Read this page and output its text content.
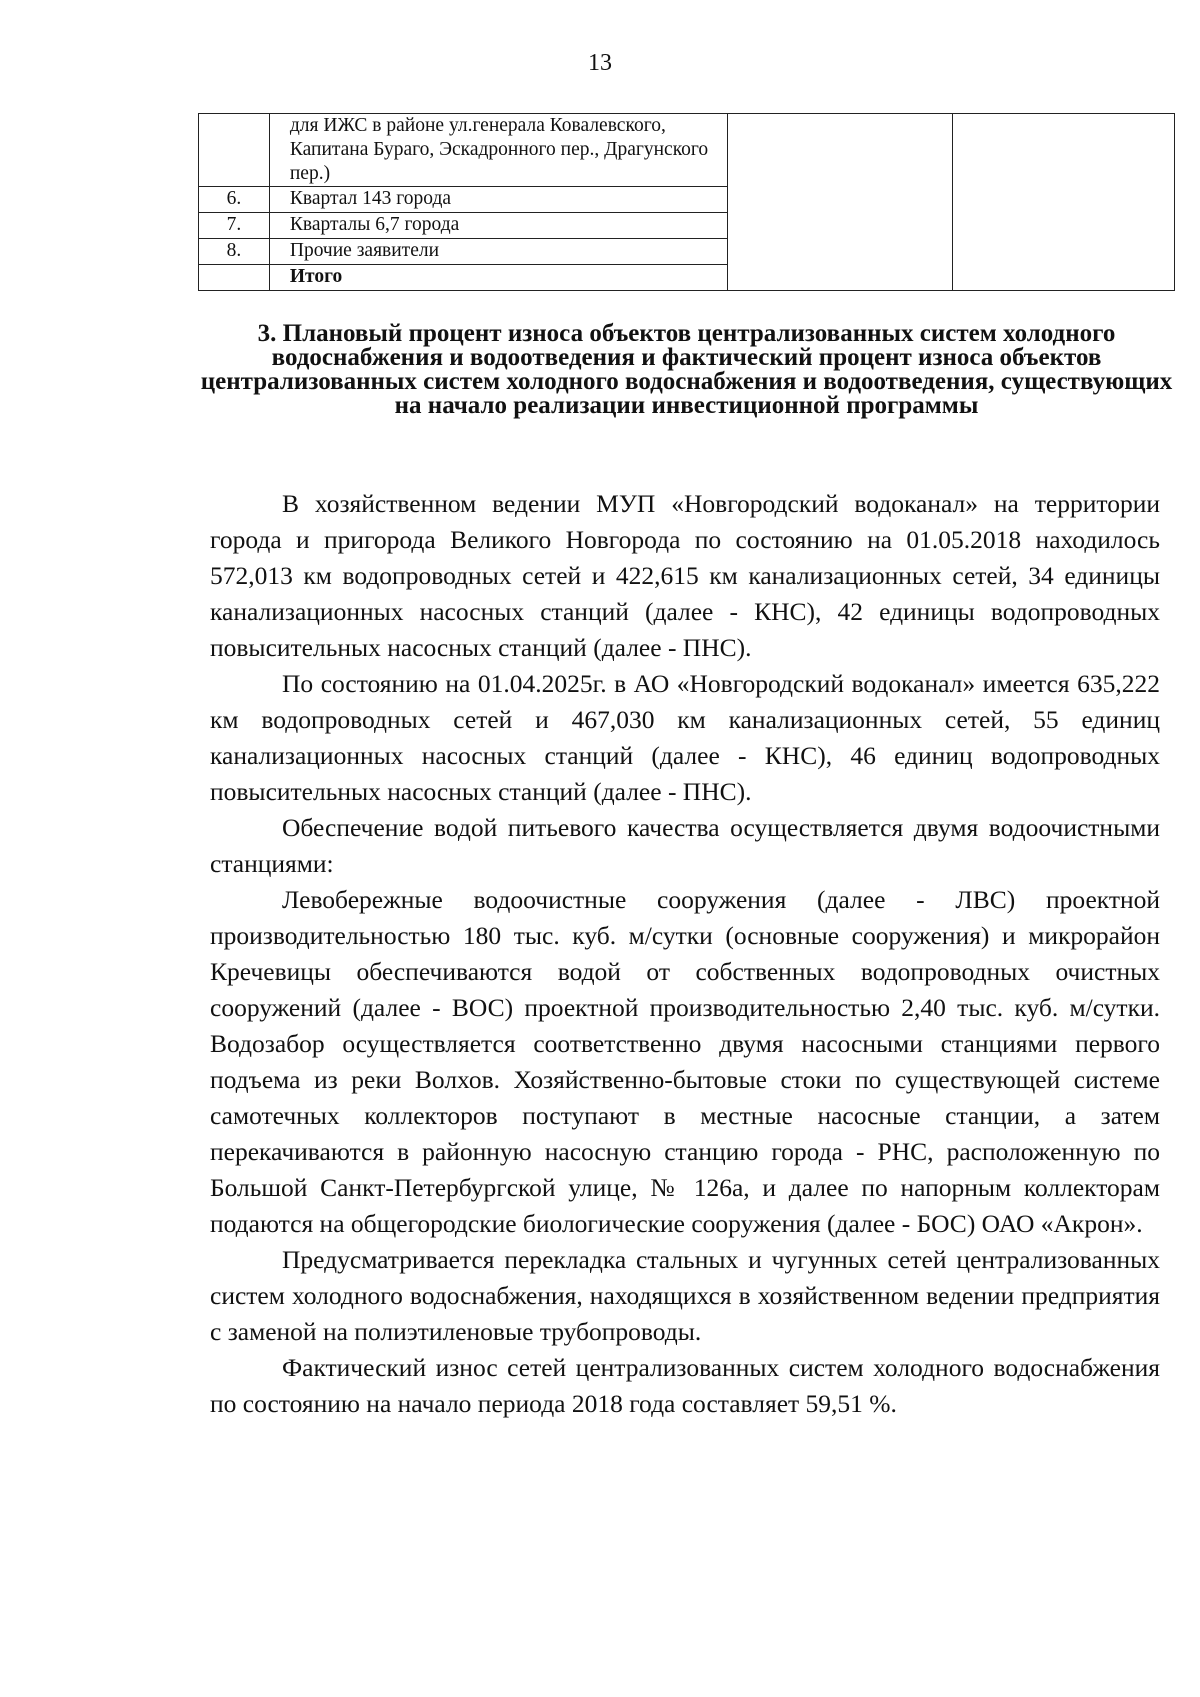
13
	для ИЖС в районе ул.генерала Ковалевского, Капитана Бураго, Эскадронного пер., Драгунского пер.)		
6.	Квартал 143 города		
7.	Кварталы 6,7 города		
8.	Прочие заявители		
	Итого		
3. Плановый процент износа объектов централизованных систем холодного водоснабжения и водоотведения и фактический процент износа объектов централизованных систем холодного водоснабжения и водоотведения, существующих на начало реализации инвестиционной программы

В хозяйственном ведении МУП «Новгородский водоканал» на территории города и пригорода Великого Новгорода по состоянию на 01.05.2018 находилось 572,013 км водопроводных сетей и 422,615 км канализационных сетей, 34 единицы канализационных насосных станций (далее - КНС), 42 единицы водопроводных повысительных насосных станций (далее - ПНС).

По состоянию на 01.04.2025г. в АО «Новгородский водоканал» имеется 635,222 км водопроводных сетей и 467,030 км канализационных сетей, 55 единиц канализационных насосных станций (далее - КНС), 46 единиц водопроводных повысительных насосных станций (далее - ПНС).

Обеспечение водой питьевого качества осуществляется двумя водоочистными станциями:

Левобережные водоочистные сооружения (далее - ЛВС) проектной производительностью 180 тыс. куб. м/сутки (основные сооружения) и микрорайон Кречевицы обеспечиваются водой от собственных водопроводных очистных сооружений (далее - ВОС) проектной производительностью 2,40 тыс. куб. м/сутки. Водозабор осуществляется соответственно двумя насосными станциями первого подъема из реки Волхов. Хозяйственно-бытовые стоки по существующей системе самотечных коллекторов поступают в местные насосные станции, а затем перекачиваются в районную насосную станцию города - РНС, расположенную по Большой Санкт-Петербургской улице, № 126а, и далее по напорным коллекторам подаются на общегородские биологические сооружения (далее - БОС) ОАО «Акрон».

Предусматривается перекладка стальных и чугунных сетей централизованных систем холодного водоснабжения, находящихся в хозяйственном ведении предприятия с заменой на полиэтиленовые трубопроводы.

Фактический износ сетей централизованных систем холодного водоснабжения по состоянию на начало периода 2018 года составляет 59,51 %.
